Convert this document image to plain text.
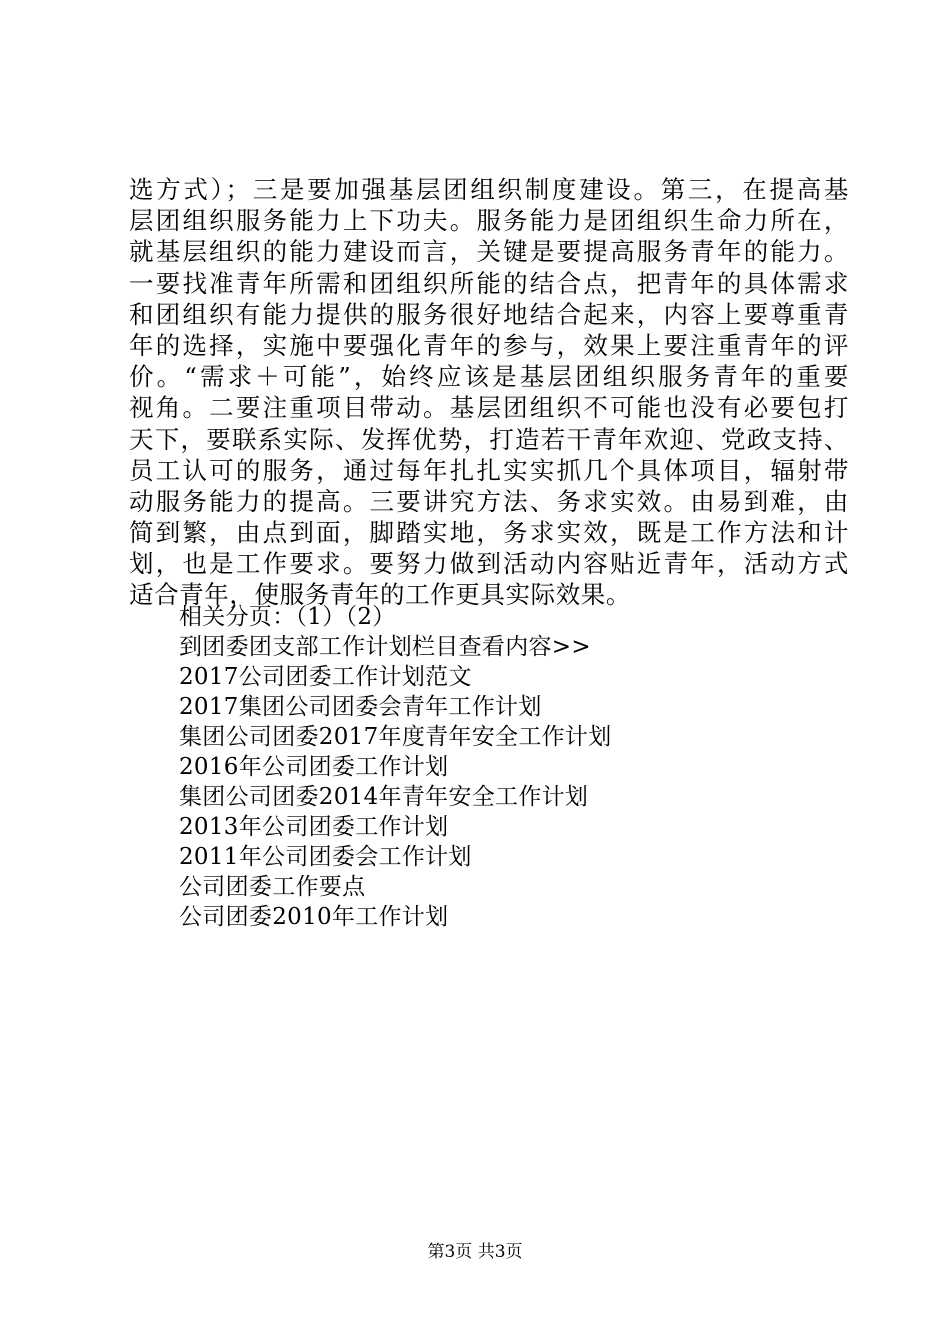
选方式）；三是要加强基层团组织制度建设。第三，在提高基
层团组织服务能力上下功夫。服务能力是团组织生命力所在，
就基层组织的能力建设而言，关键是要提高服务青年的能力。
一要找准青年所需和团组织所能的结合点，把青年的具体需求
和团组织有能力提供的服务很好地结合起来，内容上要尊重青
年的选择，实施中要强化青年的参与，效果上要注重青年的评
价。“需求＋可能”，始终应该是基层团组织服务青年的重要
视角。二要注重项目带动。基层团组织不可能也没有必要包打
天下，要联系实际、发挥优势，打造若干青年欢迎、党政支持、
员工认可的服务，通过每年扎扎实实抓几个具体项目，辐射带
动服务能力的提高。三要讲究方法、务求实效。由易到难，由
简到繁，由点到面，脚踏实地，务求实效，既是工作方法和计
划，也是工作要求。要努力做到活动内容贴近青年，活动方式
适合青年，使服务青年的工作更具实际效果。
相关分页：（1）（2）
到团委团支部工作计划栏目查看内容>>
2017公司团委工作计划范文
2017集团公司团委会青年工作计划
集团公司团委2017年度青年安全工作计划
2016年公司团委工作计划
集团公司团委2014年青年安全工作计划
2013年公司团委工作计划
2011年公司团委会工作计划
公司团委工作要点
公司团委2010年工作计划
第3页 共3页
